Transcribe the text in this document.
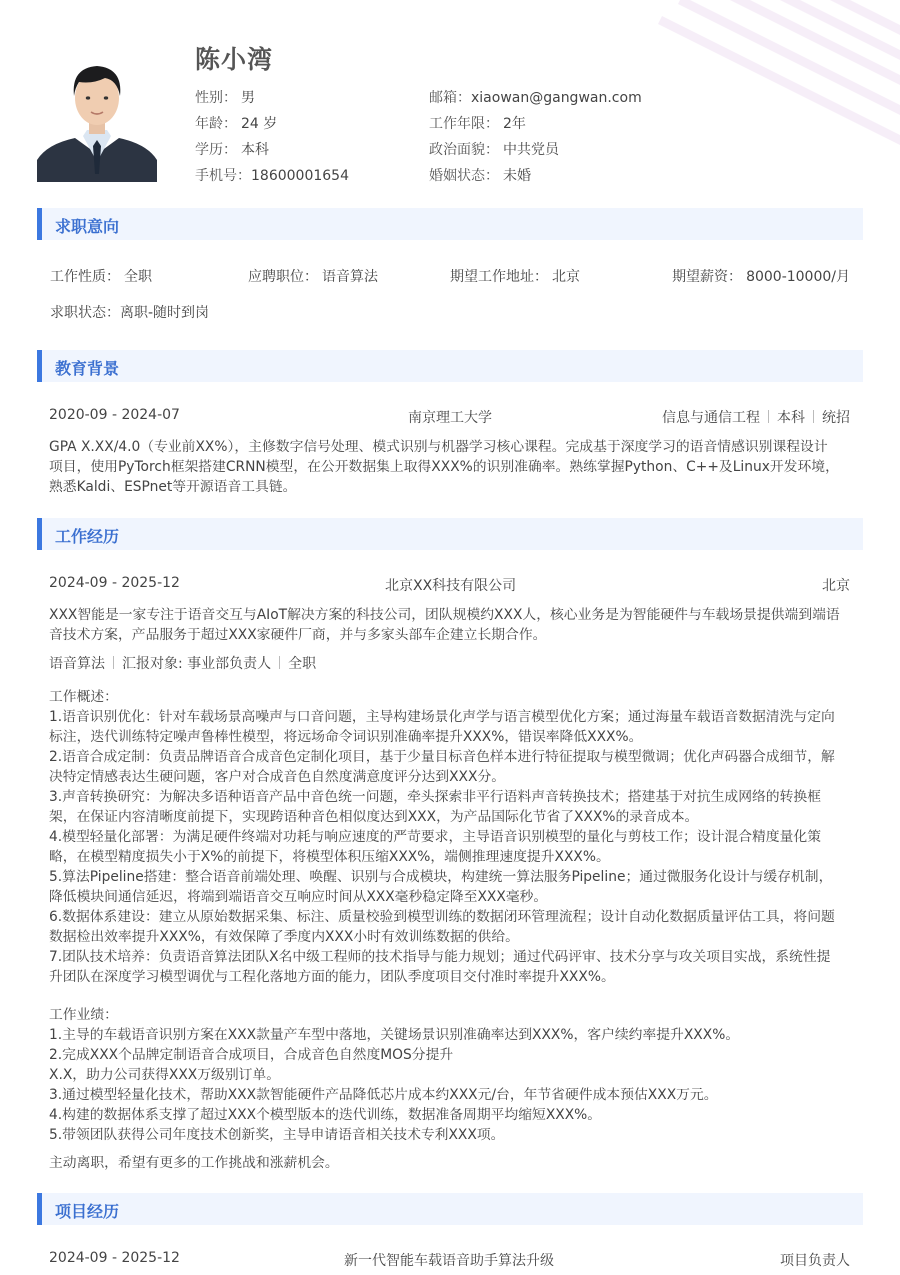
陈小湾
性别： 男
年龄： 24 岁
学历： 本科
手机号：18600001654
邮箱：xiaowan@gangwan.com
工作年限： 2年
政治面貌： 中共党员
婚姻状态： 未婚
求职意向
工作性质： 全职	应聘职位： 语音算法	期望工作地址： 北京	期望薪资： 8000-10000/月
求职状态：离职-随时到岗
教育背景
2020-09 - 2024-07	南京理工大学	信息与通信工程 本科 统招
GPA X.XX/4.0（专业前XX%），主修数字信号处理、模式识别与机器学习核心课程。完成基于深度学习的语音情感识别课程设计
项目，使用PyTorch框架搭建CRNN模型，在公开数据集上取得XXX%的识别准确率。熟练掌握Python、C++及Linux开发环境，
熟悉Kaldi、ESPnet等开源语音工具链。
工作经历
2024-09 - 2025-12	北京XX科技有限公司	北京
XXX智能是一家专注于语音交互与AIoT解决方案的科技公司，团队规模约XXX人，核心业务是为智能硬件与车载场景提供端到端语
音技术方案，产品服务于超过XXX家硬件厂商，并与多家头部车企建立长期合作。
语音算法 汇报对象: 事业部负责人 全职
工作概述：
1.语音识别优化：针对车载场景高噪声与口音问题，主导构建场景化声学与语言模型优化方案；通过海量车载语音数据清洗与定向
标注，迭代训练特定噪声鲁棒性模型，将远场命令词识别准确率提升XXX%，错误率降低XXX%。
2.语音合成定制：负责品牌语音合成音色定制化项目，基于少量目标音色样本进行特征提取与模型微调；优化声码器合成细节，解
决特定情感表达生硬问题，客户对合成音色自然度满意度评分达到XXX分。
3.声音转换研究：为解决多语种语音产品中音色统一问题，牵头探索非平行语料声音转换技术；搭建基于对抗生成网络的转换框
架，在保证内容清晰度前提下，实现跨语种音色相似度达到XXX，为产品国际化节省了XXX%的录音成本。
4.模型轻量化部署：为满足硬件终端对功耗与响应速度的严苛要求，主导语音识别模型的量化与剪枝工作；设计混合精度量化策
略，在模型精度损失小于X%的前提下，将模型体积压缩XXX%，端侧推理速度提升XXX%。
5.算法Pipeline搭建：整合语音前端处理、唤醒、识别与合成模块，构建统一算法服务Pipeline；通过微服务化设计与缓存机制，
降低模块间通信延迟，将端到端语音交互响应时间从XXX毫秒稳定降至XXX毫秒。
6.数据体系建设：建立从原始数据采集、标注、质量校验到模型训练的数据闭环管理流程；设计自动化数据质量评估工具，将问题
数据检出效率提升XXX%，有效保障了季度内XXX小时有效训练数据的供给。
7.团队技术培养：负责语音算法团队X名中级工程师的技术指导与能力规划；通过代码评审、技术分享与攻关项目实战，系统性提
升团队在深度学习模型调优与工程化落地方面的能力，团队季度项目交付准时率提升XXX%。
工作业绩：
1.主导的车载语音识别方案在XXX款量产车型中落地，关键场景识别准确率达到XXX%，客户续约率提升XXX%。
2.完成XXX个品牌定制语音合成项目，合成音色自然度MOS分提升
X.X，助力公司获得XXX万级别订单。
3.通过模型轻量化技术，帮助XXX款智能硬件产品降低芯片成本约XXX元/台，年节省硬件成本预估XXX万元。
4.构建的数据体系支撑了超过XXX个模型版本的迭代训练，数据准备周期平均缩短XXX%。
5.带领团队获得公司年度技术创新奖，主导申请语音相关技术专利XXX项。
主动离职，希望有更多的工作挑战和涨薪机会。
项目经历
2024-09 - 2025-12	新一代智能车载语音助手算法升级	项目负责人
